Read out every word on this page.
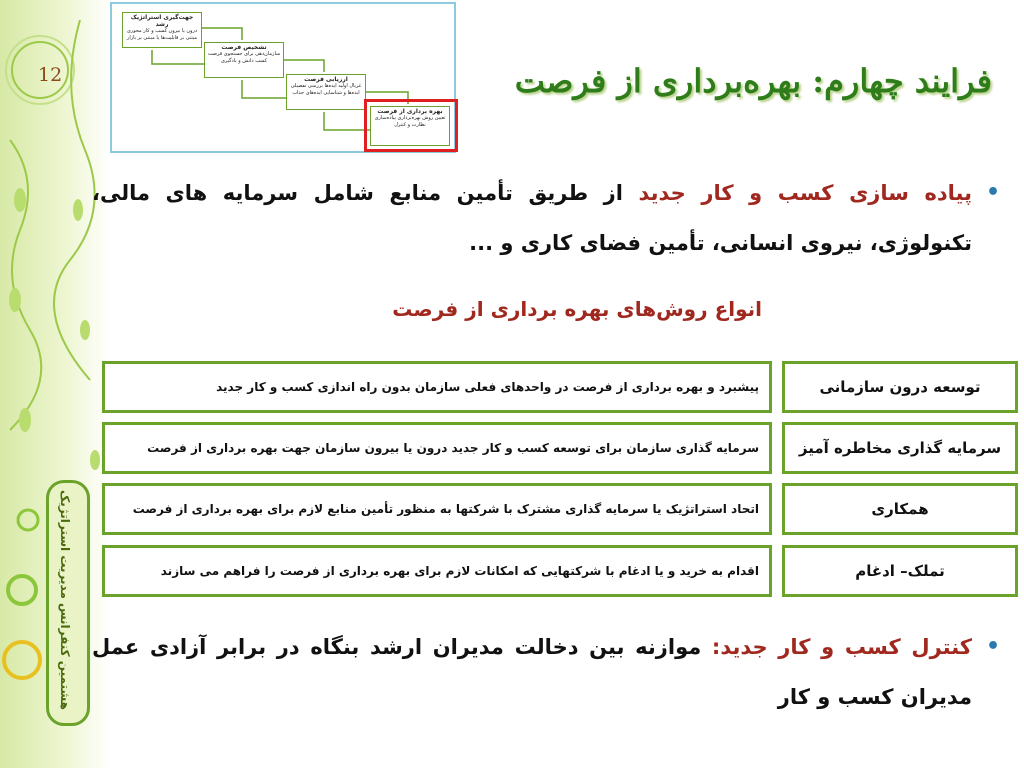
12
هشتمین کنفرانس مدیریت استراتژیک
جهت‌گیری استراتژیک رشد
درون یا بیرون کسب و کار محوری مبتنی بر قابلیت‌ها یا مبتنی بر بازار
تشخیص فرصت
سازمان‌دهی برای جستجوی فرصت کسب دانش و یادگیری
ارزیابی فرصت
غربال اولیه ایده‌ها بررسی تفصیلی ایده‌ها و شناسایی ایده‌های جذاب
بهره برداری از فرصت
تعیین روش بهره‌برداری پیاده‌سازی نظارت و کنترل
فرایند چهارم: بهره‌برداری از فرصت
•
پیاده سازی کسب و کار جدید از طریق تأمین منابع شامل سرمایه های مالی، تکنولوژی، نیروی انسانی، تأمین فضای کاری و ...
انواع روش‌های بهره برداری از فرصت
پیشبرد و بهره برداری از فرصت در واحدهای فعلی سازمان بدون راه اندازی کسب و کار جدید	توسعه درون سازمانی
سرمایه گذاری سازمان برای توسعه کسب و کار جدید درون یا بیرون سازمان جهت بهره برداری از فرصت	سرمایه گذاری مخاطره آمیز
اتحاد استراتژیک یا سرمایه گذاری مشترک با شرکتها به منظور تأمین منابع لازم برای بهره برداری از فرصت	همکاری
اقدام به خرید و یا ادغام با شرکتهایی که امکانات لازم برای بهره برداری از فرصت را فراهم می سازند	تملک– ادغام
•
کنترل کسب و کار جدید: موازنه بین دخالت مدیران ارشد بنگاه در برابر آزادی عمل مدیران کسب و کار
